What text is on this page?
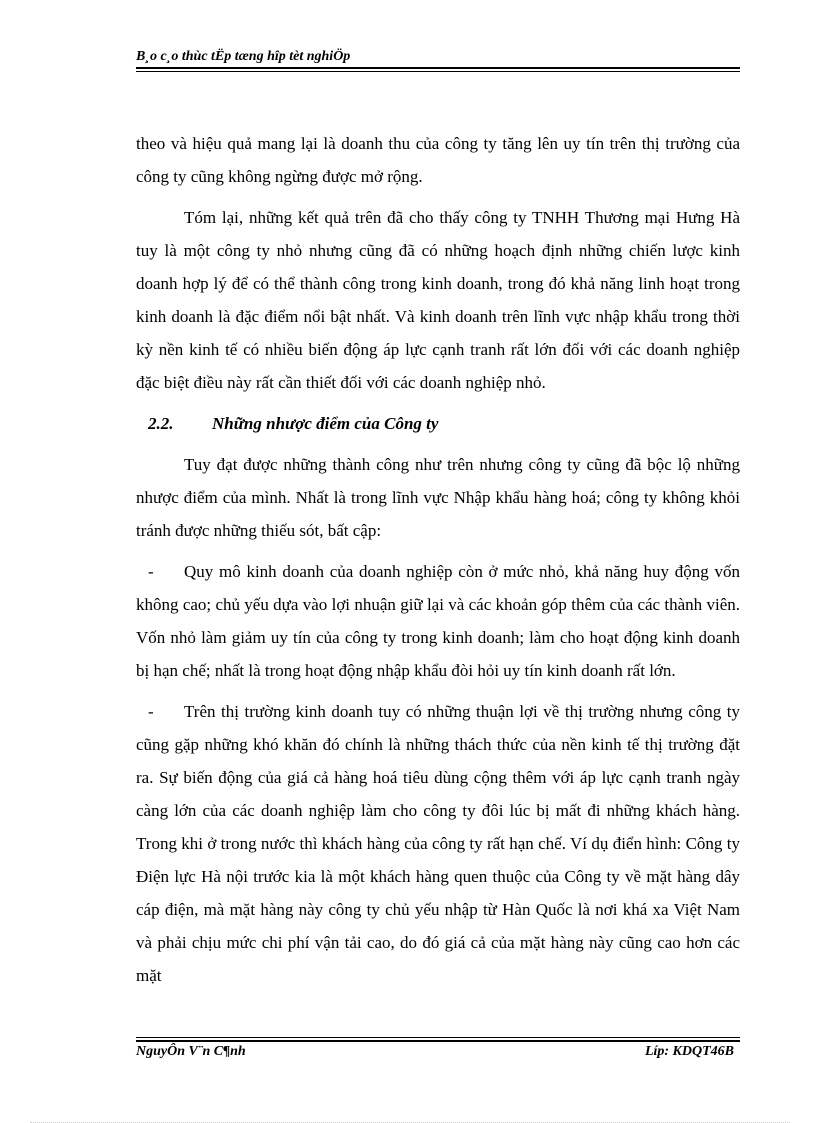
B¸o c¸o thùc tËp tæng hîp tèt nghiÖp

theo và hiệu quả mang lại là doanh thu của công ty tăng lên uy tín trên thị trường của công ty cũng không ngừng được mở rộng.

Tóm lại, những kết quả trên đã cho thấy công ty TNHH Thương mại Hưng Hà tuy là một công ty nhỏ nhưng cũng đã có những hoạch định những chiến lược kinh doanh hợp lý để có thể thành công trong kinh doanh, trong đó khả năng linh hoạt trong kinh doanh là đặc điểm nổi bật nhất. Và kinh doanh trên lĩnh vực nhập khẩu trong thời kỳ nền kinh tế có nhiều biến động áp lực cạnh tranh rất lớn đối với các doanh nghiệp đặc biệt điều này rất cần thiết đối với các doanh nghiệp nhỏ.

2.2. Những nhược điểm của Công ty

Tuy đạt được những thành công như trên nhưng công ty cũng đã bộc lộ những nhược điểm của mình. Nhất là trong lĩnh vực Nhập khẩu hàng hoá; công ty không khỏi tránh được những thiếu sót, bất cập:

- Quy mô kinh doanh của doanh nghiệp còn ở mức nhỏ, khả năng huy động vốn không cao; chủ yếu dựa vào lợi nhuận giữ lại và các khoản góp thêm của các thành viên. Vốn nhỏ làm giảm uy tín của công ty trong kinh doanh; làm cho hoạt động kinh doanh bị hạn chế; nhất là trong hoạt động nhập khẩu đòi hỏi uy tín kinh doanh rất lớn.

- Trên thị trường kinh doanh tuy có những thuận lợi về thị trường nhưng công ty cũng gặp những khó khăn đó chính là những thách thức của nền kinh tế thị trường đặt ra. Sự biến động của giá cả hàng hoá tiêu dùng cộng thêm với áp lực cạnh tranh ngày càng lớn của các doanh nghiệp làm cho công ty đôi lúc bị mất đi những khách hàng. Trong khi ở trong nước thì khách hàng của công ty rất hạn chế. Ví dụ điển hình: Công ty Điện lực Hà nội trước kia là một khách hàng quen thuộc của Công ty về mặt hàng dây cáp điện, mà mặt hàng này công ty chủ yếu nhập từ Hàn Quốc là nơi khá xa Việt Nam và phải chịu mức chi phí vận tải cao, do đó giá cả của mặt hàng này cũng cao hơn các mặt

NguyÔn V¨n C¶nh	Líp: KDQT46B
